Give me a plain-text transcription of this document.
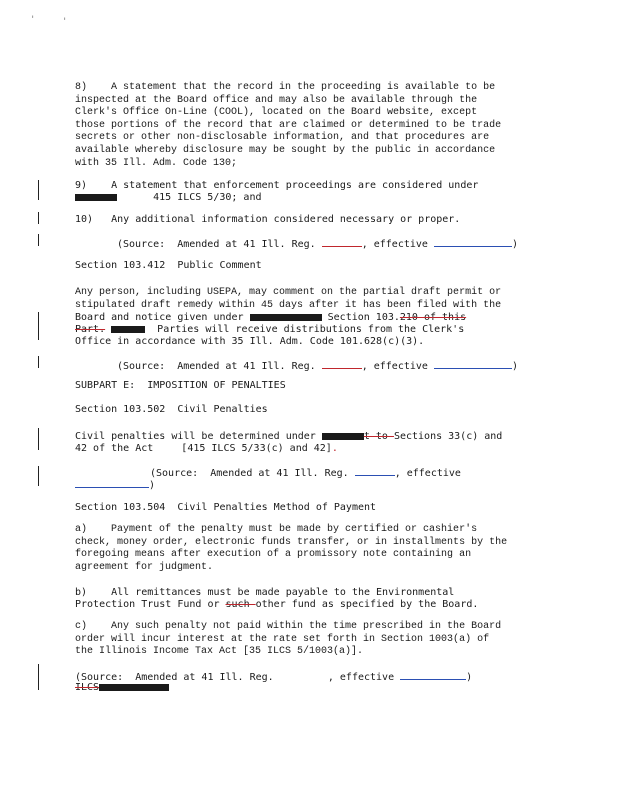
'	'
8)    A statement that the record in the proceeding is available to be
inspected at the Board office and may also be available through the
Clerk's Office On-Line (COOL), located on the Board website, except
those portions of the record that are claimed or determined to be trade
secrets or other non-disclosable information, and that procedures are
available whereby disclosure may be sought by the public in accordance
with 35 Ill. Adm. Code 130;
9)    A statement that enforcement proceedings are considered under
415 ILCS 5/30; and
10)   Any additional information considered necessary or proper.
(Source:  Amended at 41 Ill. Reg.	, effective	)
Section 103.412  Public Comment
Any person, including USEPA, may comment on the partial draft permit or
stipulated draft remedy within 45 days after it has been filed with the
Board and notice given under	Section 103.210 of this
Part.	Parties will receive distributions from the Clerk's
Office in accordance with 35 Ill. Adm. Code 101.628(c)(3).
(Source:  Amended at 41 Ill. Reg.	, effective	)
SUBPART E:  IMPOSITION OF PENALTIES
Section 103.502  Civil Penalties
Civil penalties will be determined under	t to Sections 33(c) and
42 of the Act [415 ILCS 5/33(c) and 42].
(Source:  Amended at 41 Ill. Reg.	, effective
)
Section 103.504  Civil Penalties Method of Payment
a)    Payment of the penalty must be made by certified or cashier's
check, money order, electronic funds transfer, or in installments by the
foregoing means after execution of a promissory note containing an
agreement for judgment.
b)    All remittances must be made payable to the Environmental
Protection Trust Fund or such other fund as specified by the Board.
c)    Any such penalty not paid within the time prescribed in the Board
order will incur interest at the rate set forth in Section 1003(a) of
the Illinois Income Tax Act [35 ILCS 5/1003(a)].
(Source:  Amended at 41 Ill. Reg.         , effective	)
ILCS
